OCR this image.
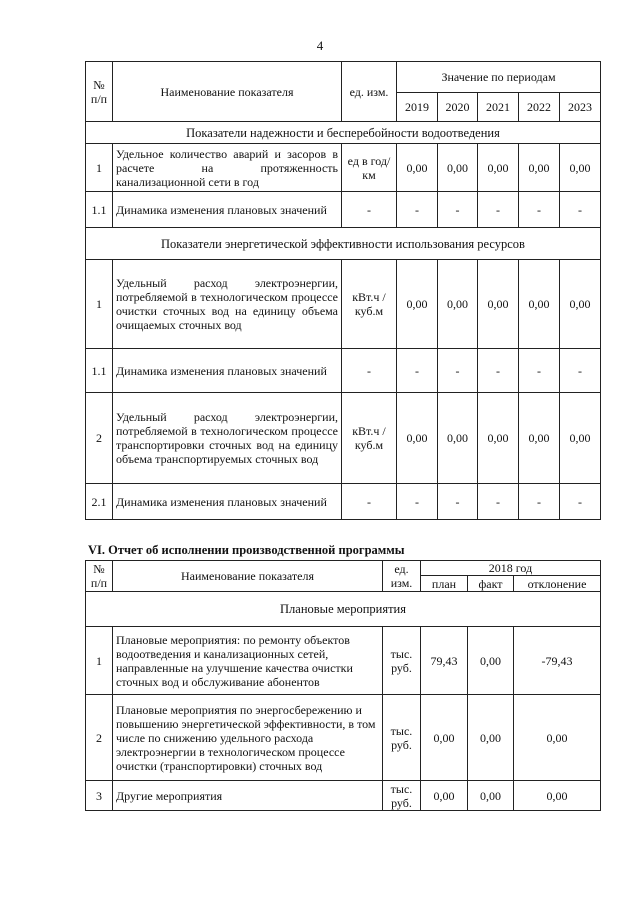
4
№ п/п	Наименование показателя	ед. изм.	Значение по периодам				
			2019	2020	2021	2022	2023
Показатели надежности и бесперебойности водоотведения							
1	Удельное количество аварий и засоров в расчете на протяженность канализационной сети в год	ед в год/ км	0,00	0,00	0,00	0,00	0,00
1.1	Динамика изменения плановых значений	-	-	-	-	-	-
Показатели энергетической эффективности использования ресурсов							
1	Удельный расход электроэнергии, потребляемой в технологическом процессе очистки сточных вод на единицу объема очищаемых сточных вод	кВт.ч / куб.м	0,00	0,00	0,00	0,00	0,00
1.1	Динамика изменения плановых значений	-	-	-	-	-	-
2	Удельный расход электроэнергии, потребляемой в технологическом процессе транспортировки сточных вод на единицу объема транспортируемых сточных вод	кВт.ч / куб.м	0,00	0,00	0,00	0,00	0,00
2.1	Динамика изменения плановых значений	-	-	-	-	-	-
VI. Отчет об исполнении производственной программы
№ п/п	Наименование показателя	ед. изм.	2018 год		
			план	факт	отклонение
Плановые мероприятия					
1	Плановые мероприятия: по ремонту объектов водоотведения и канализационных сетей, направленные на улучшение качества очистки сточных вод и обслуживание абонентов	тыс. руб.	79,43	0,00	-79,43
2	Плановые мероприятия по энергосбережению и повышению энергетической эффективности, в том числе по снижению удельного расхода электроэнергии в технологическом процессе очистки (транспортировки) сточных вод	тыс. руб.	0,00	0,00	0,00
3	Другие мероприятия	тыс. руб.	0,00	0,00	0,00
